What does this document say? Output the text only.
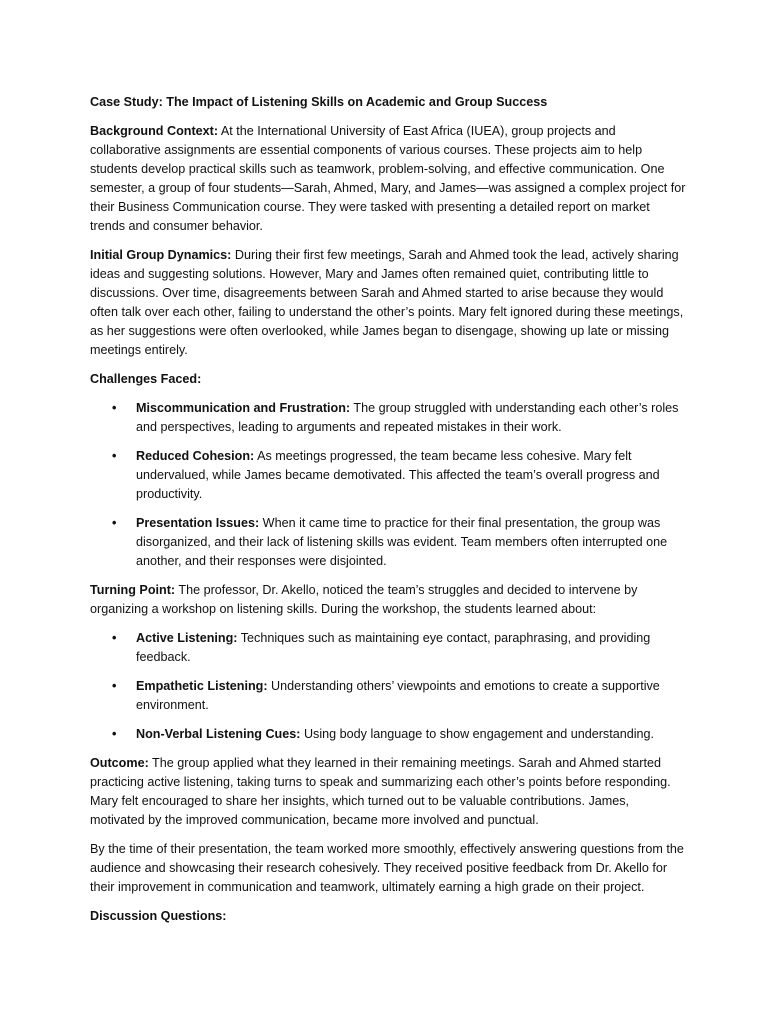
Case Study: The Impact of Listening Skills on Academic and Group Success

Background Context: At the International University of East Africa (IUEA), group projects and collaborative assignments are essential components of various courses. These projects aim to help students develop practical skills such as teamwork, problem-solving, and effective communication. One semester, a group of four students—Sarah, Ahmed, Mary, and James—was assigned a complex project for their Business Communication course. They were tasked with presenting a detailed report on market trends and consumer behavior.

Initial Group Dynamics: During their first few meetings, Sarah and Ahmed took the lead, actively sharing ideas and suggesting solutions. However, Mary and James often remained quiet, contributing little to discussions. Over time, disagreements between Sarah and Ahmed started to arise because they would often talk over each other, failing to understand the other’s points. Mary felt ignored during these meetings, as her suggestions were often overlooked, while James began to disengage, showing up late or missing meetings entirely.

Challenges Faced:

• Miscommunication and Frustration: The group struggled with understanding each other’s roles and perspectives, leading to arguments and repeated mistakes in their work.
• Reduced Cohesion: As meetings progressed, the team became less cohesive. Mary felt undervalued, while James became demotivated. This affected the team’s overall progress and productivity.
• Presentation Issues: When it came time to practice for their final presentation, the group was disorganized, and their lack of listening skills was evident. Team members often interrupted one another, and their responses were disjointed.

Turning Point: The professor, Dr. Akello, noticed the team’s struggles and decided to intervene by organizing a workshop on listening skills. During the workshop, the students learned about:

• Active Listening: Techniques such as maintaining eye contact, paraphrasing, and providing feedback.
• Empathetic Listening: Understanding others’ viewpoints and emotions to create a supportive environment.
• Non-Verbal Listening Cues: Using body language to show engagement and understanding.

Outcome: The group applied what they learned in their remaining meetings. Sarah and Ahmed started practicing active listening, taking turns to speak and summarizing each other’s points before responding. Mary felt encouraged to share her insights, which turned out to be valuable contributions. James, motivated by the improved communication, became more involved and punctual.

By the time of their presentation, the team worked more smoothly, effectively answering questions from the audience and showcasing their research cohesively. They received positive feedback from Dr. Akello for their improvement in communication and teamwork, ultimately earning a high grade on their project.

Discussion Questions:
